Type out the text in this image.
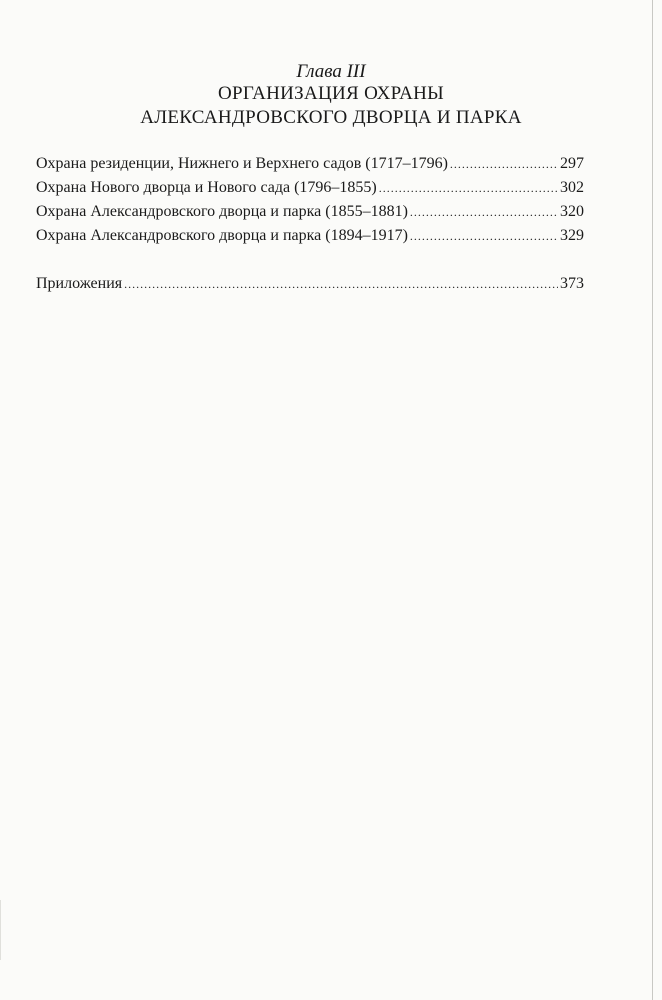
Глава III
ОРГАНИЗАЦИЯ ОХРАНЫ
АЛЕКСАНДРОВСКОГО ДВОРЦА И ПАРКА
Охрана резиденции, Нижнего и Верхнего садов (1717–1796) .....	297
Охрана Нового дворца и Нового сада (1796–1855) .....	302
Охрана Александровского дворца и парка (1855–1881) .....	320
Охрана Александровского дворца и парка (1894–1917) .....	329
Приложения .....	373
